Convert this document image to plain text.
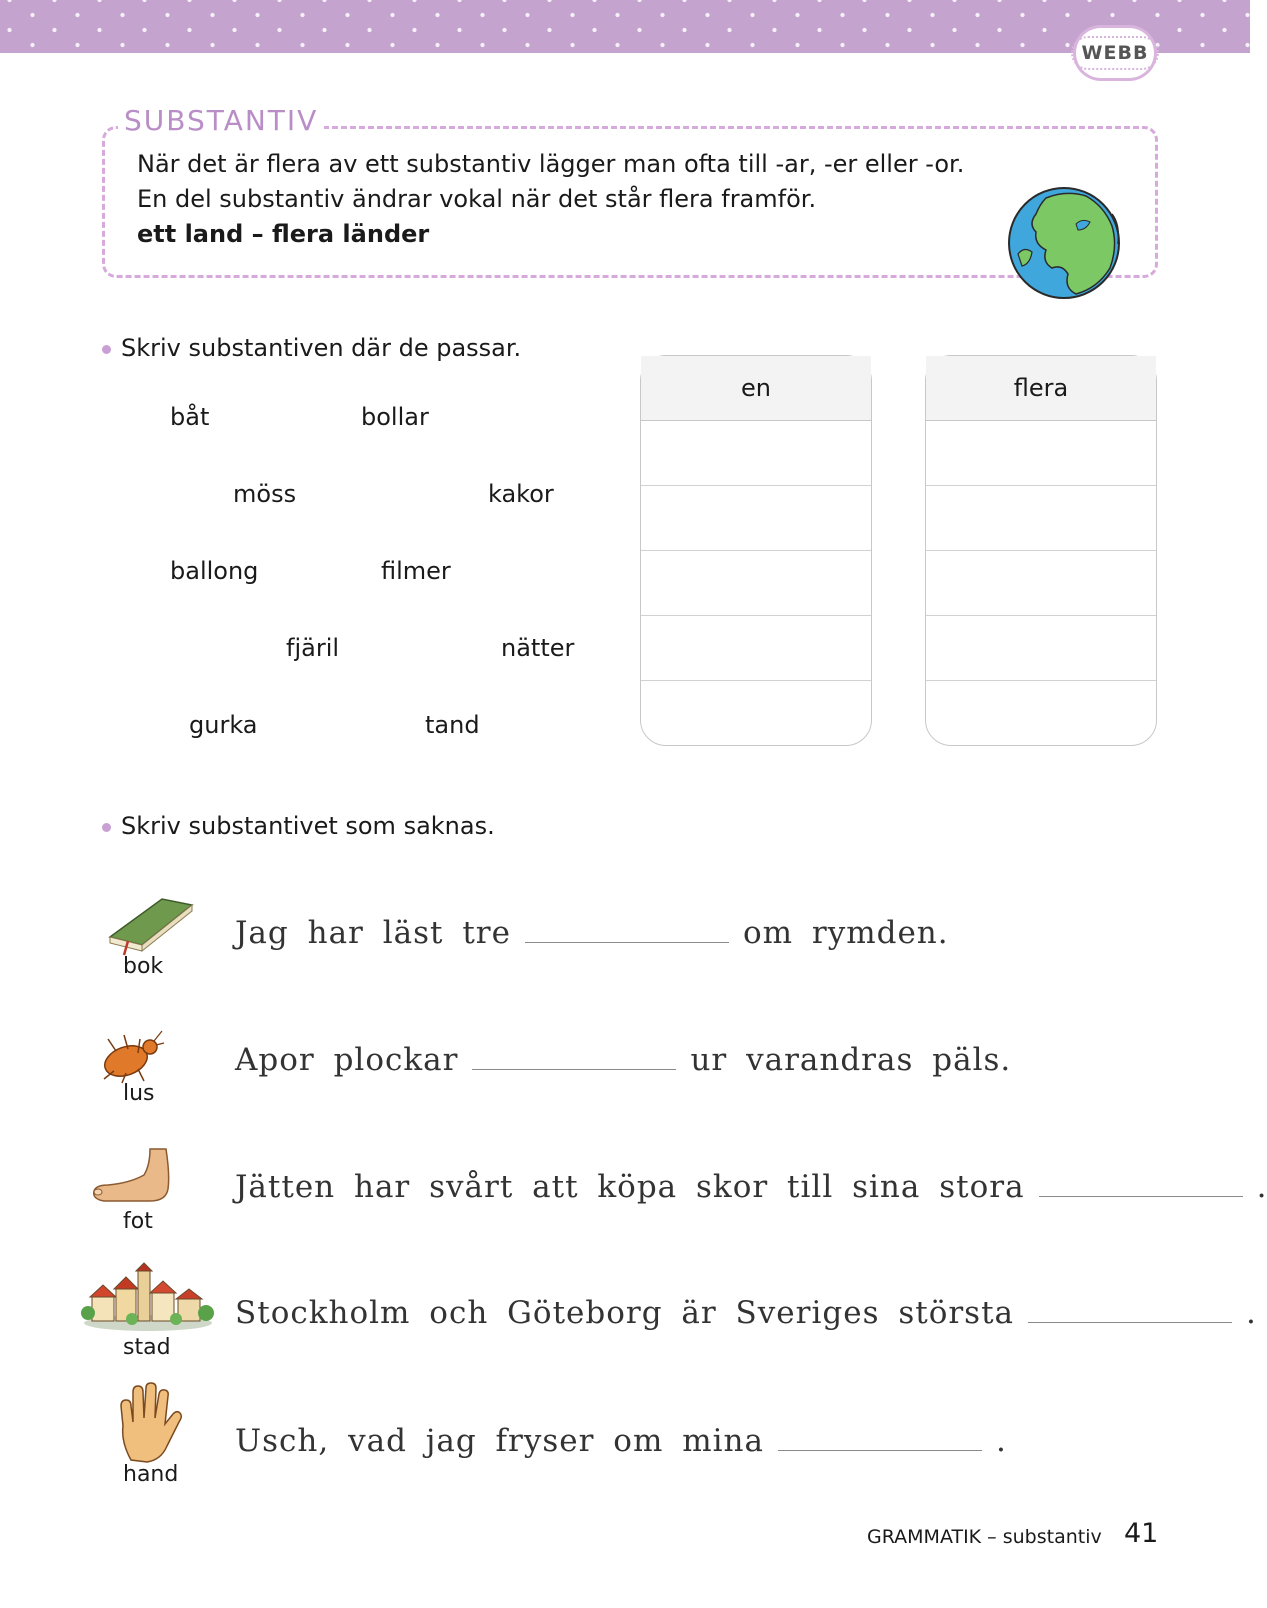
WEBB
SUBSTANTIV
När det är flera av ett substantiv lägger man ofta till -ar, -er eller -or.
En del substantiv ändrar vokal när det står flera framför.
ett land – flera länder
Skriv substantiven där de passar.
båt	bollar
möss	kakor
ballong	filmer
fjäril	nätter
gurka	tand
en	flera
Skriv substantivet som saknas.
bok
Jag har läst tre	om rymden.
lus
Apor plockar	ur varandras päls.
fot
Jätten har svårt att köpa skor till sina stora	.
stad
Stockholm och Göteborg är Sveriges största	.
hand
Usch, vad jag fryser om mina	.
GRAMMATIK – substantiv 41
